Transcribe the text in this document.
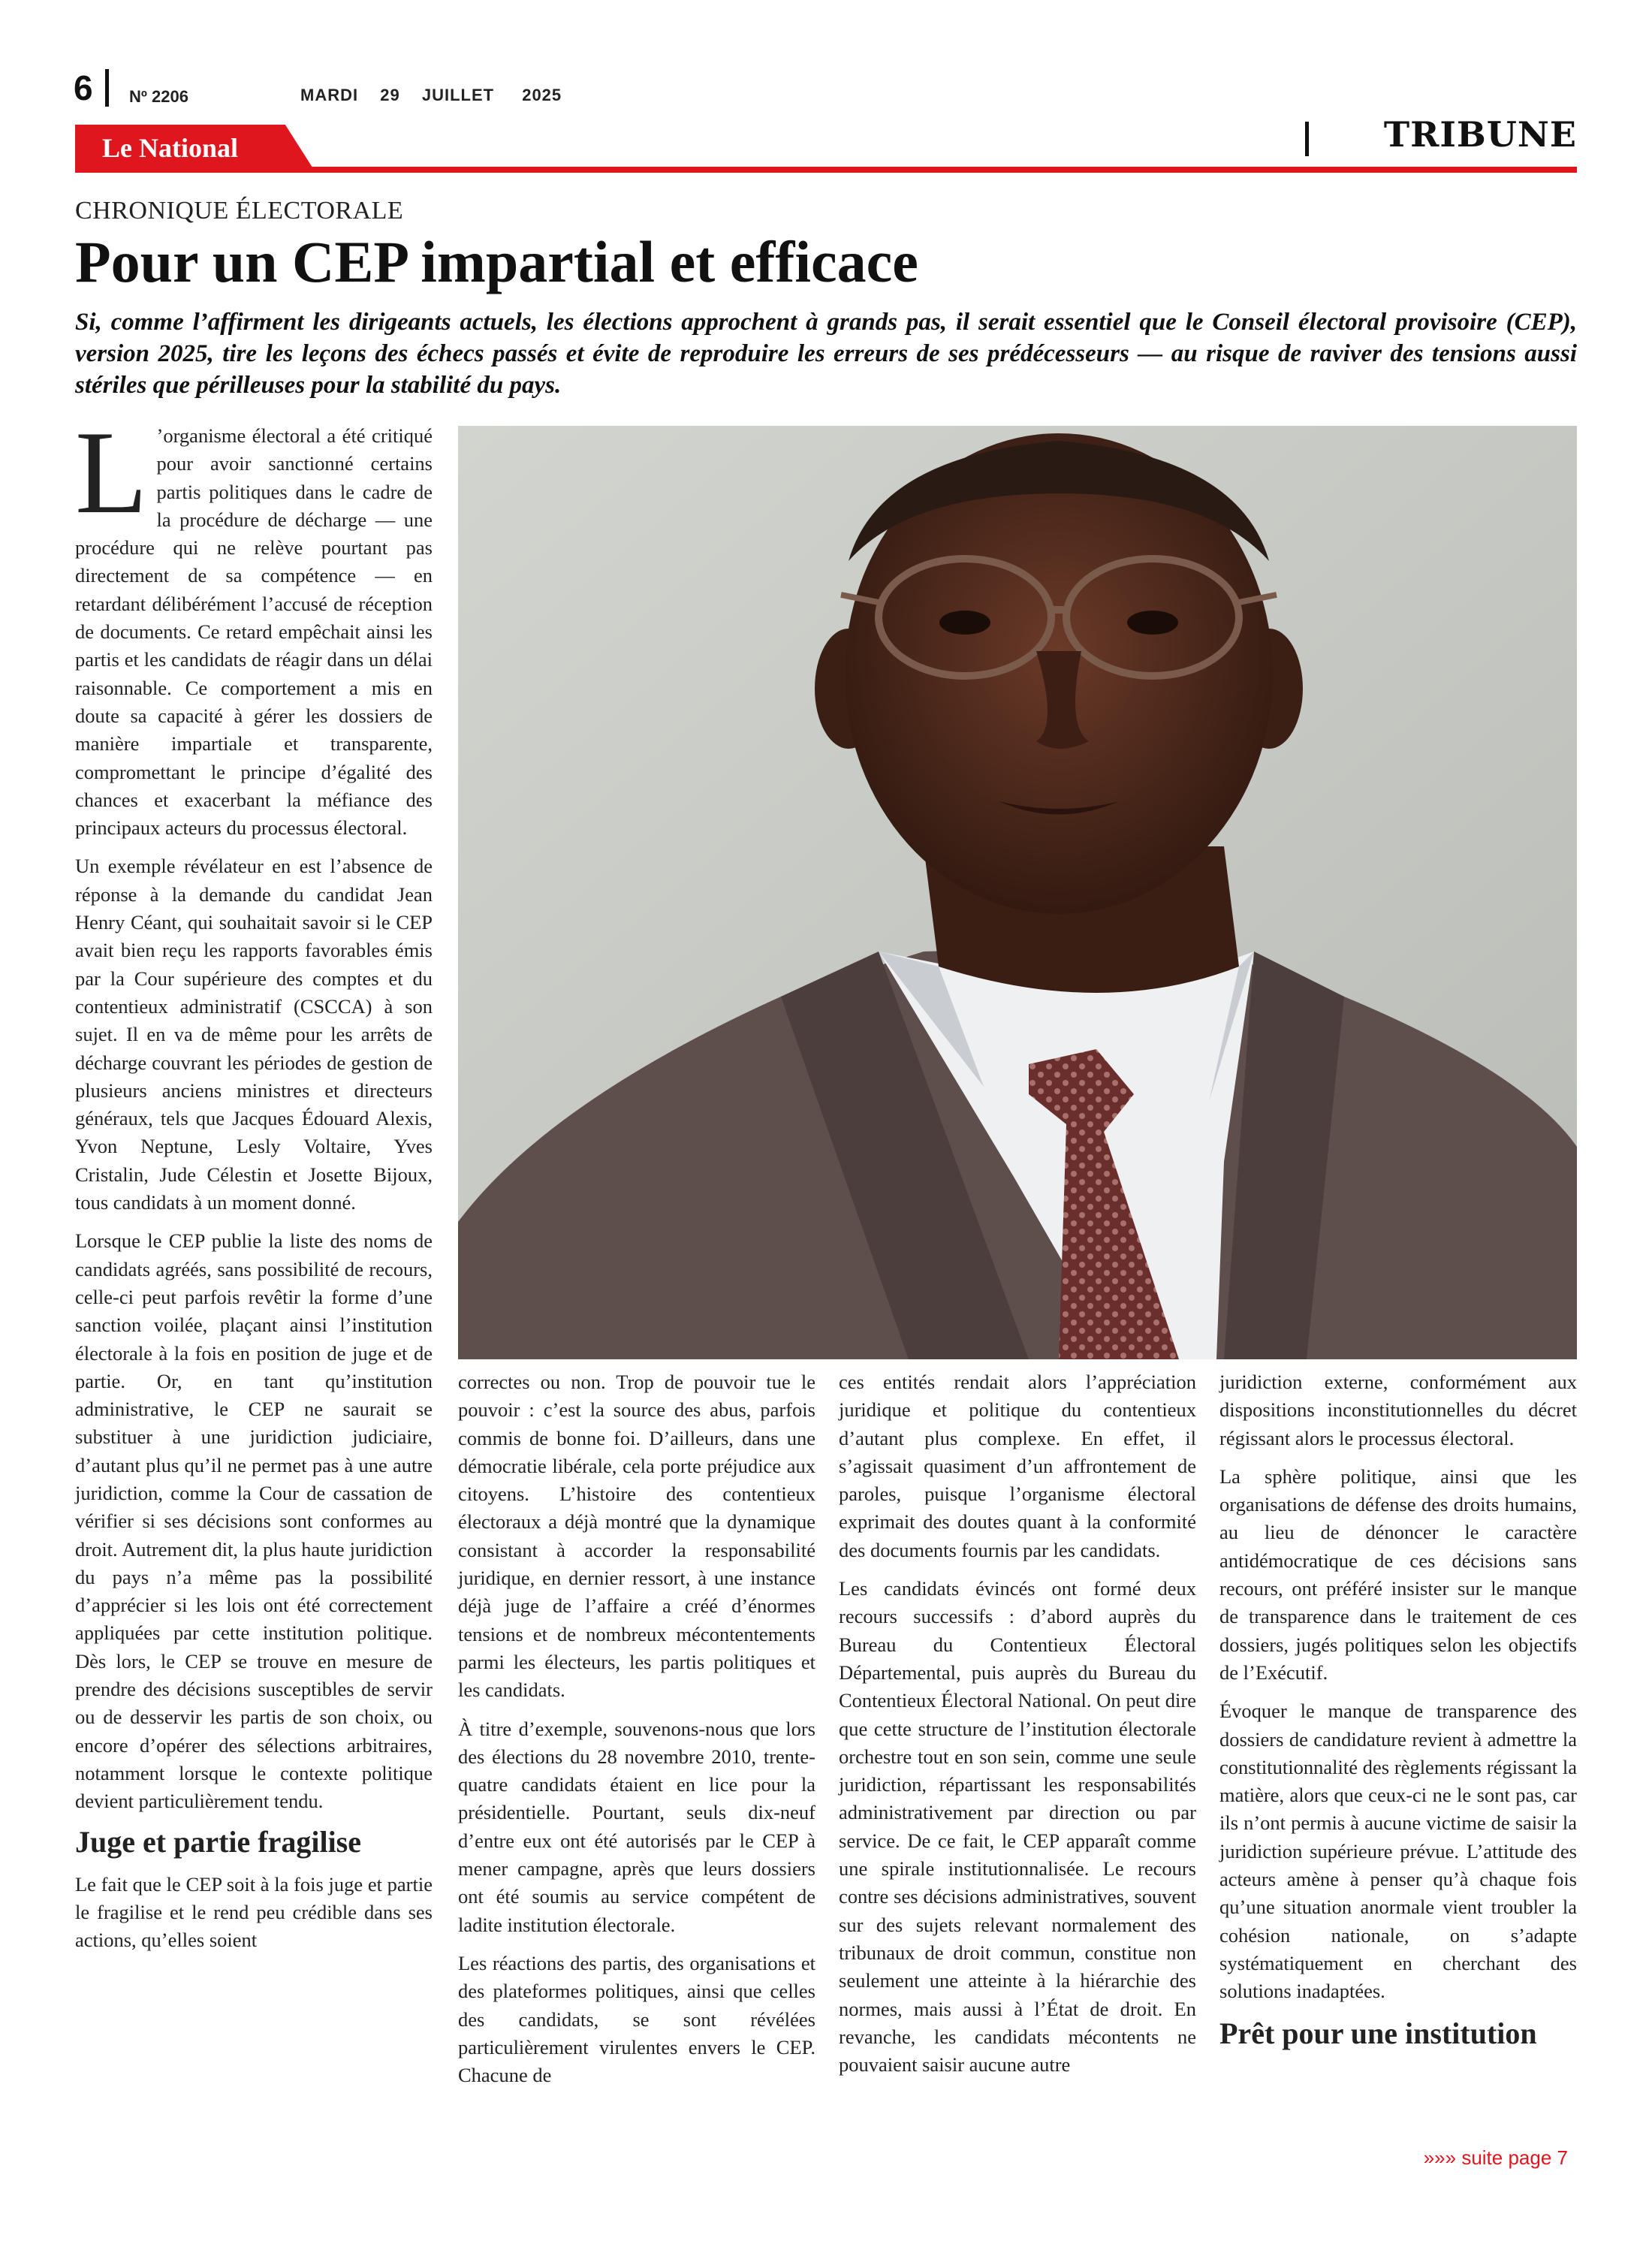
6 Nº 2206	MARDI 29 JUILLET 2025
TRIBUNE
Le National
CHRONIQUE ÉLECTORALE
Pour un CEP impartial et efficace
Si, comme l’affirment les dirigeants actuels, les élections approchent à grands pas, il serait essentiel que le Conseil électoral provisoire (CEP), version 2025, tire les leçons des échecs passés et évite de reproduire les erreurs de ses prédécesseurs — au risque de raviver des tensions aussi stériles que périlleuses pour la stabilité du pays.

L ’organisme électoral a été critiqué pour avoir sanctionné certains partis politiques dans le cadre de la procédure de décharge — une procédure qui ne relève pourtant pas directement de sa compétence — en retardant délibérément l’accusé de réception de documents. Ce retard empêchait ainsi les partis et les candidats de réagir dans un délai raisonnable. Ce comportement a mis en doute sa capacité à gérer les dossiers de manière impartiale et transparente, compromettant le principe d’égalité des chances et exacerbant la méfiance des principaux acteurs du processus électoral.

Un exemple révélateur en est l’absence de réponse à la demande du candidat Jean Henry Céant, qui souhaitait savoir si le CEP avait bien reçu les rapports favorables émis par la Cour supérieure des comptes et du contentieux administratif (CSCCA) à son sujet. Il en va de même pour les arrêts de décharge couvrant les périodes de gestion de plusieurs anciens ministres et directeurs généraux, tels que Jacques Édouard Alexis, Yvon Neptune, Lesly Voltaire, Yves Cristalin, Jude Célestin et Josette Bijoux, tous candidats à un moment donné.

Lorsque le CEP publie la liste des noms de candidats agréés, sans possibilité de recours, celle-ci peut parfois revêtir la forme d’une sanction voilée, plaçant ainsi l’institution électorale à la fois en position de juge et de partie. Or, en tant qu’institution administrative, le CEP ne saurait se substituer à une juridiction judiciaire, d’autant plus qu’il ne permet pas à une autre juridiction, comme la Cour de cassation de vérifier si ses décisions sont conformes au droit. Autrement dit, la plus haute juridiction du pays n’a même pas la possibilité d’apprécier si les lois ont été correctement appliquées par cette institution politique. Dès lors, le CEP se trouve en mesure de prendre des décisions susceptibles de servir ou de desservir les partis de son choix, ou encore d’opérer des sélections arbitraires, notamment lorsque le contexte politique devient particulièrement tendu.

Juge et partie fragilise

Le fait que le CEP soit à la fois juge et partie le fragilise et le rend peu crédible dans ses actions, qu’elles soient

correctes ou non. Trop de pouvoir tue le pouvoir : c’est la source des abus, parfois commis de bonne foi. D’ailleurs, dans une démocratie libérale, cela porte préjudice aux citoyens. L’histoire des contentieux électoraux a déjà montré que la dynamique consistant à accorder la responsabilité juridique, en dernier ressort, à une instance déjà juge de l’affaire a créé d’énormes tensions et de nombreux mécontentements parmi les électeurs, les partis politiques et les candidats.

À titre d’exemple, souvenons-nous que lors des élections du 28 novembre 2010, trente-quatre candidats étaient en lice pour la présidentielle. Pourtant, seuls dix-neuf d’entre eux ont été autorisés par le CEP à mener campagne, après que leurs dossiers ont été soumis au service compétent de ladite institution électorale.

Les réactions des partis, des organisations et des plateformes politiques, ainsi que celles des candidats, se sont révélées particulièrement virulentes envers le CEP. Chacune de

ces entités rendait alors l’appréciation juridique et politique du contentieux d’autant plus complexe. En effet, il s’agissait quasiment d’un affrontement de paroles, puisque l’organisme électoral exprimait des doutes quant à la conformité des documents fournis par les candidats.

Les candidats évincés ont formé deux recours successifs : d’abord auprès du Bureau du Contentieux Électoral Départemental, puis auprès du Bureau du Contentieux Électoral National. On peut dire que cette structure de l’institution électorale orchestre tout en son sein, comme une seule juridiction, répartissant les responsabilités administrativement par direction ou par service. De ce fait, le CEP apparaît comme une spirale institutionnalisée. Le recours contre ses décisions administratives, souvent sur des sujets relevant normalement des tribunaux de droit commun, constitue non seulement une atteinte à la hiérarchie des normes, mais aussi à l’État de droit. En revanche, les candidats mécontents ne pouvaient saisir aucune autre

juridiction externe, conformément aux dispositions inconstitutionnelles du décret régissant alors le processus électoral.

La sphère politique, ainsi que les organisations de défense des droits humains, au lieu de dénoncer le caractère antidémocratique de ces décisions sans recours, ont préféré insister sur le manque de transparence dans le traitement de ces dossiers, jugés politiques selon les objectifs de l’Exécutif.

Évoquer le manque de transparence des dossiers de candidature revient à admettre la constitutionnalité des règlements régissant la matière, alors que ceux-ci ne le sont pas, car ils n’ont permis à aucune victime de saisir la juridiction supérieure prévue. L’attitude des acteurs amène à penser qu’à chaque fois qu’une situation anormale vient troubler la cohésion nationale, on s’adapte systématiquement en cherchant des solutions inadaptées.

Prêt pour une institution
»»» suite page 7
